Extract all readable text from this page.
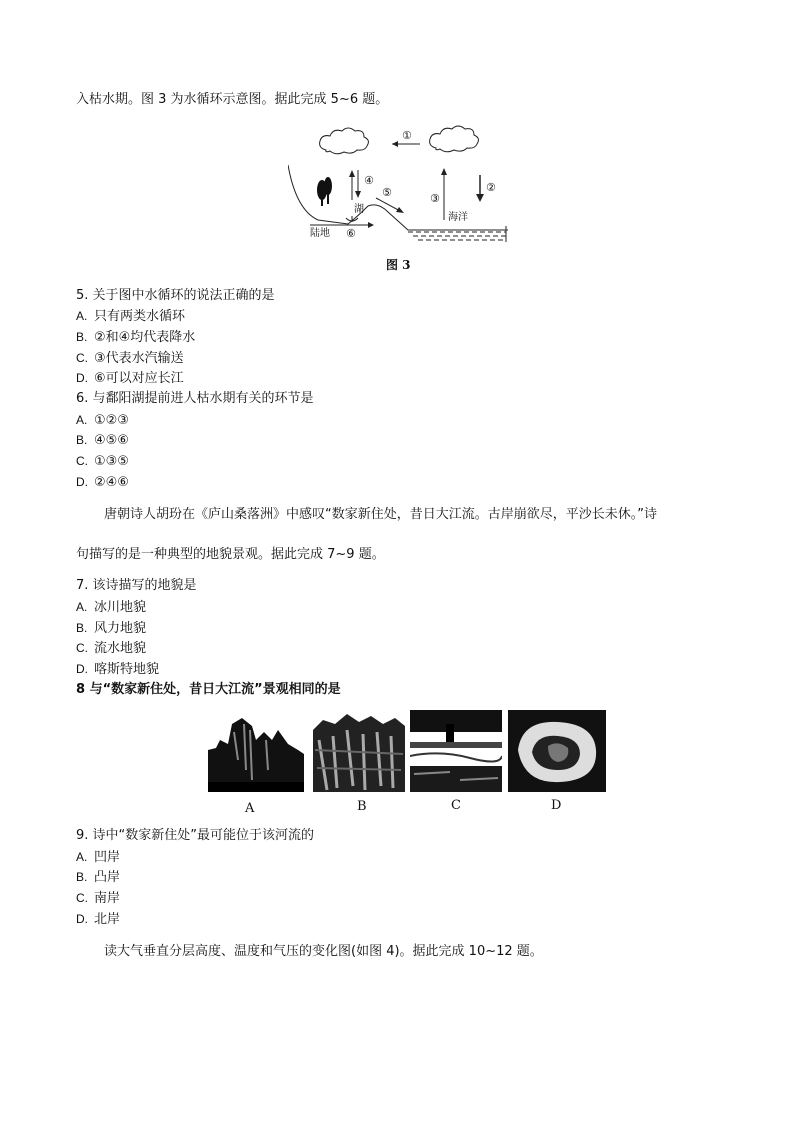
入枯水期。图 3 为水循环示意图。据此完成 5~6 题。
①
②
③
④
湖
⑤
⑥
陆地
海洋
图 3
5. 关于图中水循环的说法正确的是
A. 只有两类水循环
B. ②和④均代表降水
C. ③代表水汽输送
D. ⑥可以对应长江
6. 与鄱阳湖提前进人枯水期有关的环节是
A. ①②③
B. ④⑤⑥
C. ①③⑤
D. ②④⑥
唐朝诗人胡玢在《庐山桑落洲》中感叹“数家新住处，昔日大江流。古岸崩欲尽，平沙长未休。”诗
句描写的是一种典型的地貌景观。据此完成 7~9 题。
7. 该诗描写的地貌是
A. 冰川地貌
B. 风力地貌
C. 流水地貌
D. 喀斯特地貌
8 与“数家新住处，昔日大江流”景观相同的是
A	B	C	D
9. 诗中“数家新住处”最可能位于该河流的
A. 凹岸
B. 凸岸
C. 南岸
D. 北岸
读大气垂直分层高度、温度和气压的变化图(如图 4)。据此完成 10~12 题。
